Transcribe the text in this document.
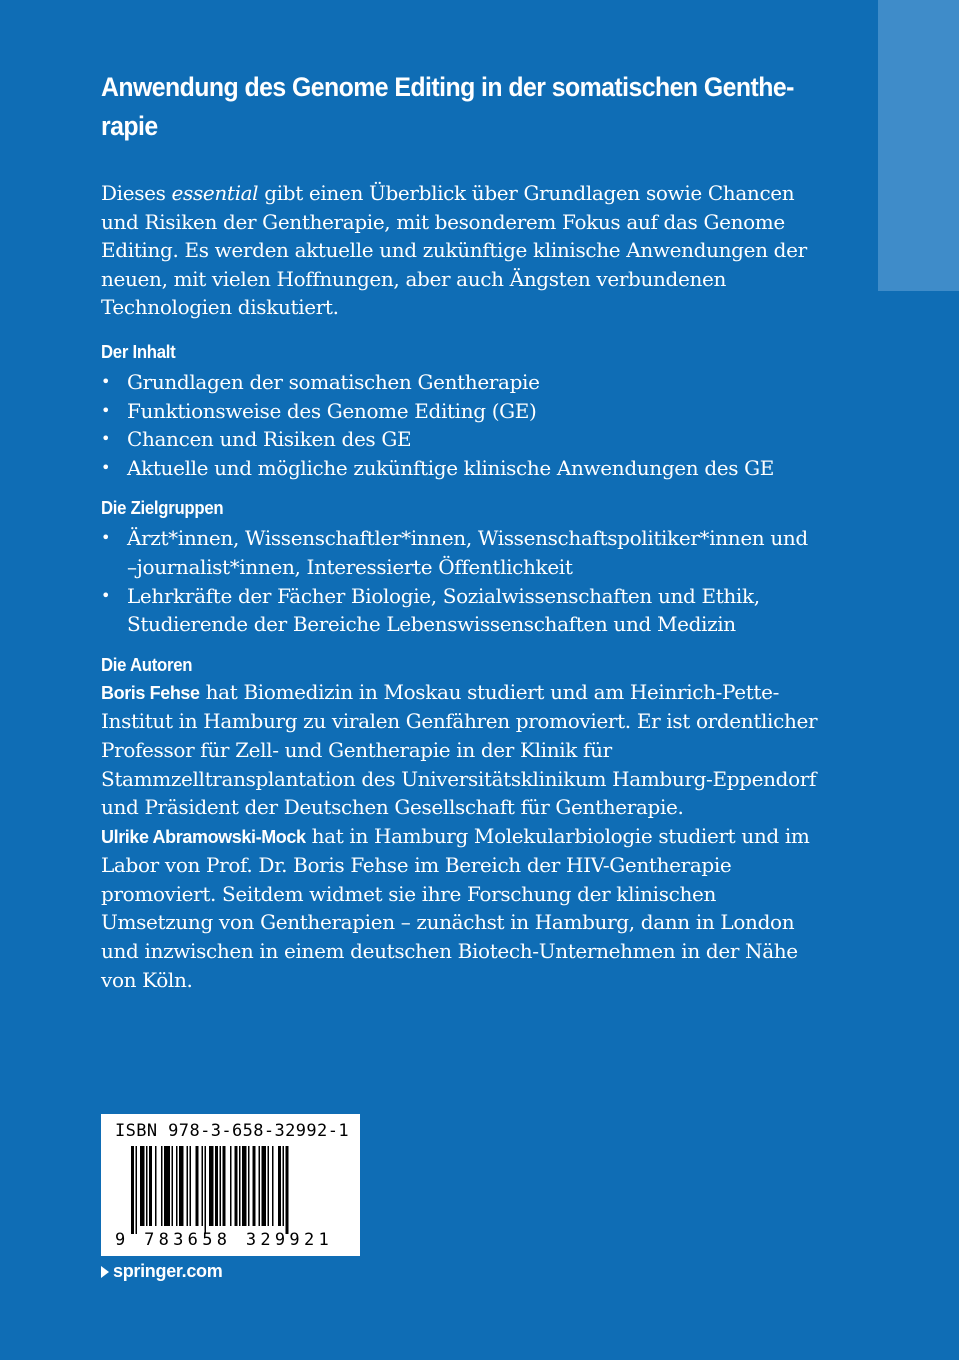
Anwendung des Genome Editing in der somatischen Genthe-
rapie

Dieses essential gibt einen Überblick über Grundlagen sowie Chancen und Risiken der Gentherapie, mit besonderem Fokus auf das Genome Editing. Es werden aktuelle und zukünftige klinische Anwendungen der neuen, mit vielen Hoffnungen, aber auch Ängsten verbundenen Technologien diskutiert.

Der Inhalt
• Grundlagen der somatischen Gentherapie
• Funktionsweise des Genome Editing (GE)
• Chancen und Risiken des GE
• Aktuelle und mögliche zukünftige klinische Anwendungen des GE
Die Zielgruppen
• Ärzt*innen, Wissenschaftler*innen, Wissenschaftspolitiker*innen und –journalist*innen, Interessierte Öffentlichkeit
• Lehrkräfte der Fächer Biologie, Sozialwissenschaften und Ethik, Studierende der Bereiche Lebenswissenschaften und Medizin
Die Autoren

Boris Fehse hat Biomedizin in Moskau studiert und am Heinrich-Pette- Institut in Hamburg zu viralen Genfähren promoviert. Er ist ordentlicher Professor für Zell- und Gentherapie in der Klinik für Stammzelltransplantation des Universitätsklinikum Hamburg-Eppendorf und Präsident der Deutschen Gesellschaft für Gentherapie.

Ulrike Abramowski-Mock hat in Hamburg Molekularbiologie studiert und im Labor von Prof. Dr. Boris Fehse im Bereich der HIV-Gentherapie promoviert. Seitdem widmet sie ihre Forschung der klinischen Umsetzung von Gentherapien – zunächst in Hamburg, dann in London und inzwischen in einem deutschen Biotech-Unternehmen in der Nähe von Köln.

ISBN 978-3-658-32992-1
9 783658 329921
springer.com
